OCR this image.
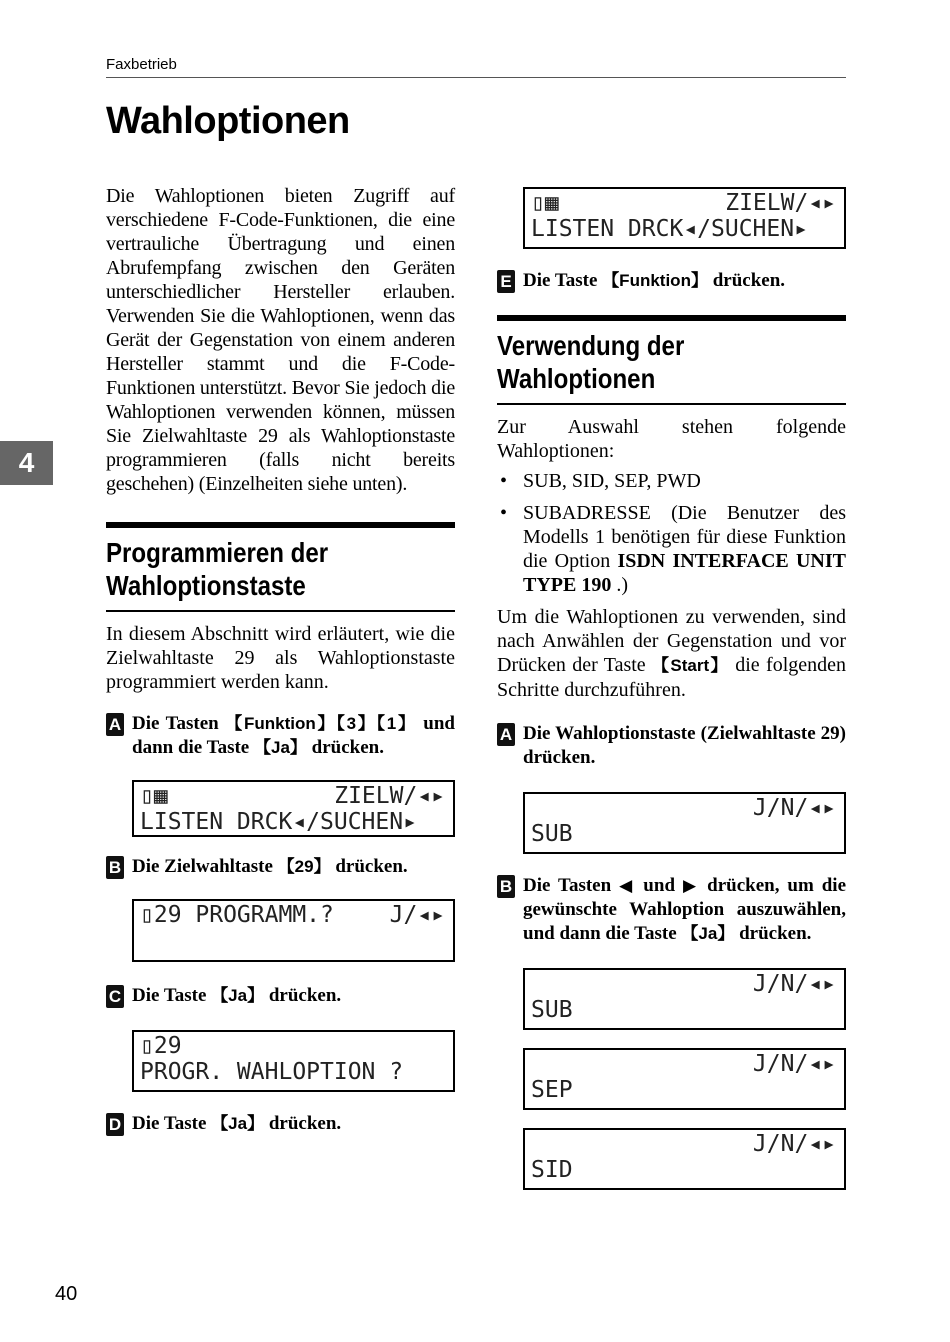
Faxbetrieb
Wahloptionen
4
40

Die Wahloptionen bieten Zugriff auf verschiedene F-Code-Funktionen, die eine vertrauliche Übertragung und einen Abrufempfang zwischen den Geräten unterschiedlicher Hersteller erlauben. Verwenden Sie die Wahloptionen, wenn das Gerät der Gegenstation von einem anderen Hersteller stammt und die F-Code-Funktionen unterstützt. Bevor Sie jedoch die Wahloptionen verwenden können, müssen Sie Zielwahltaste 29 als Wahloptionstaste programmieren (falls nicht bereits geschehen) (Einzelheiten siehe unten).

Programmieren der Wahloptionstaste

In diesem Abschnitt wird erläutert, wie die Zielwahltaste 29 als Wahloptionstaste programmiert werden kann.

A Die Tasten 【Funktion】【3】【1】 und dann die Taste 【Ja】 drücken.
▯▦	ZIELW/◂▸
LISTEN DRCK◂/SUCHEN▸
B Die Zielwahltaste 【29】 drücken.
▯29 PROGRAMM.? J/◂▸
C Die Taste 【Ja】 drücken.
▯29
PROGR. WAHLOPTION ?
D Die Taste 【Ja】 drücken.
▯▦	ZIELW/◂▸
LISTEN DRCK◂/SUCHEN▸
E Die Taste 【Funktion】 drücken.
Verwendung der Wahloptionen

Zur Auswahl stehen folgende Wahloptionen:

• SUB, SID, SEP, PWD
• SUBADRESSE (Die Benutzer des Modells 1 benötigen für diese Funktion die Option ISDN INTERFACE UNIT TYPE 190 .)

Um die Wahloptionen zu verwenden, sind nach Anwählen der Gegenstation und vor Drücken der Taste 【Start】 die folgenden Schritte durchzuführen.

A Die Wahloptionstaste (Zielwahltaste 29) drücken.
J/N/◂▸
SUB
B Die Tasten ◀ und ▶ drücken, um die gewünschte Wahloption auszuwählen, und dann die Taste 【Ja】 drücken.
J/N/◂▸
SUB
J/N/◂▸
SEP
J/N/◂▸
SID
